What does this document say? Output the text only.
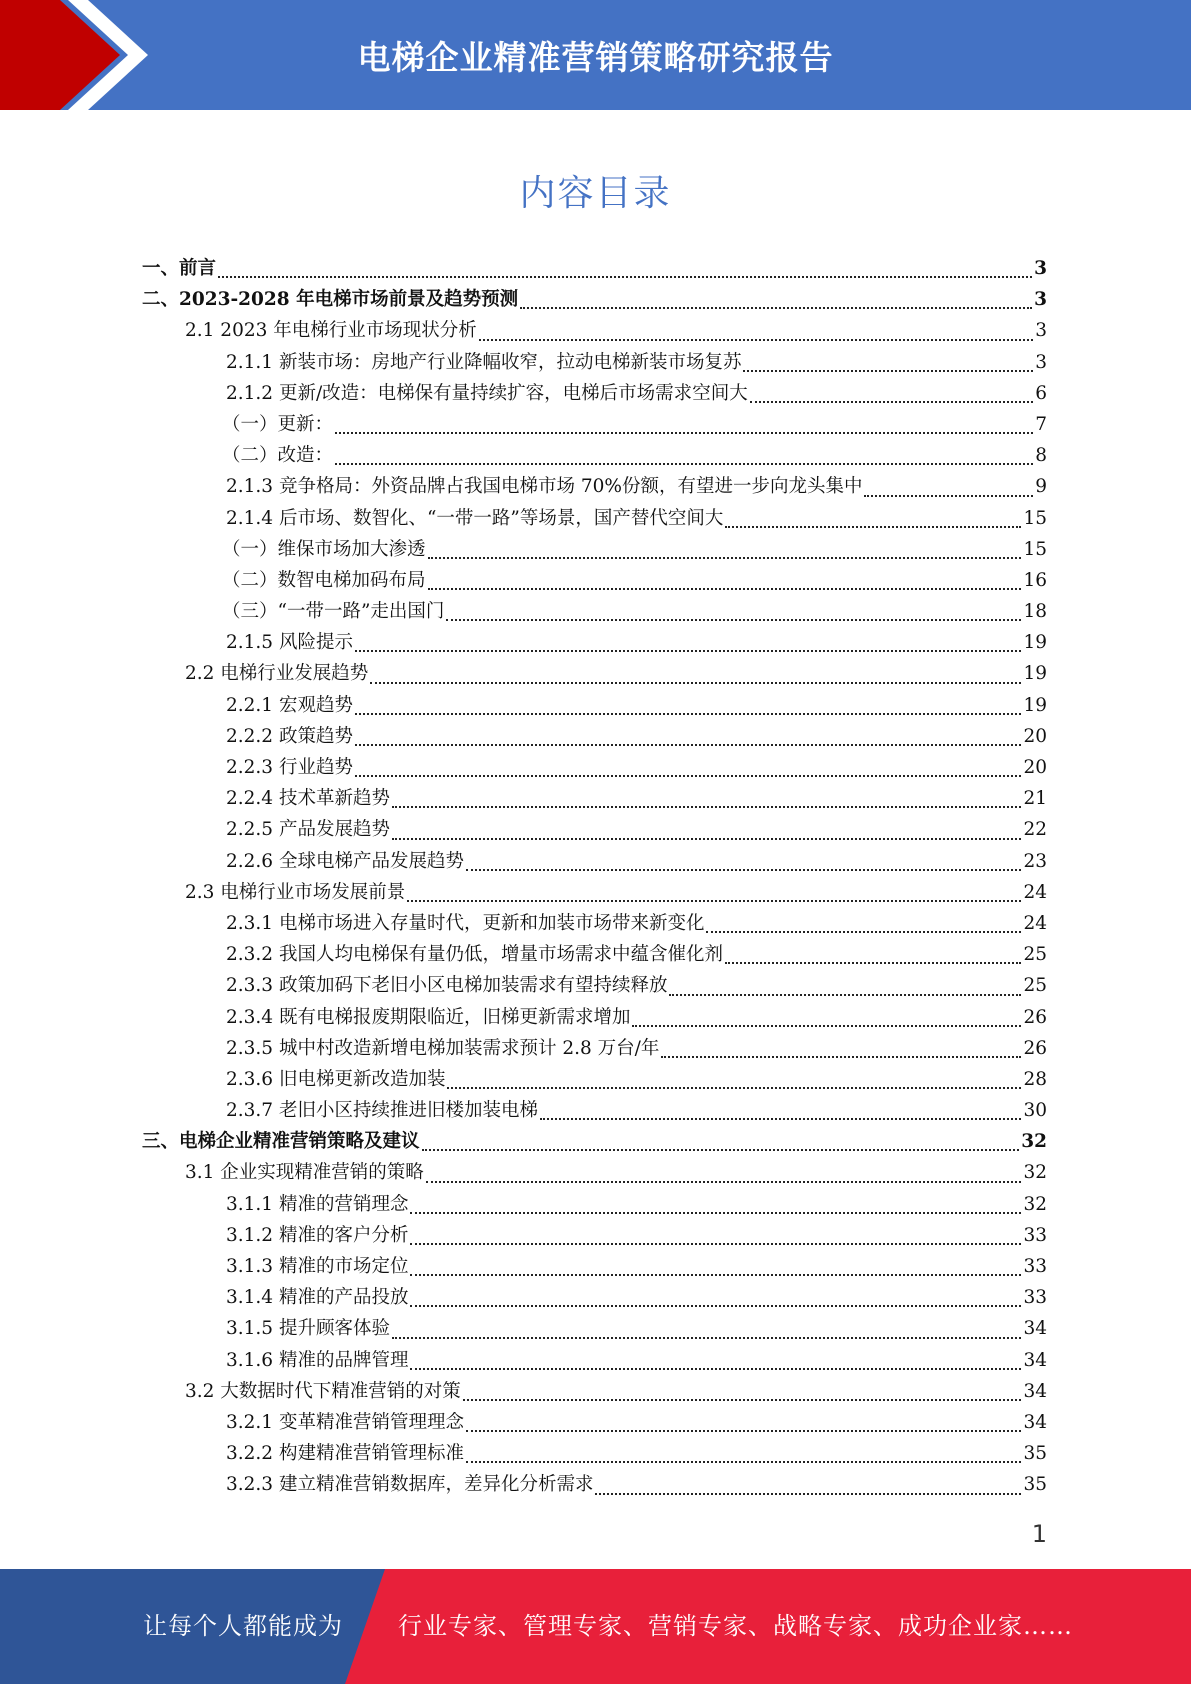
电梯企业精准营销策略研究报告
内容目录
一、前言	3
二、2023-2028 年电梯市场前景及趋势预测	3
2.1 2023 年电梯行业市场现状分析	3
2.1.1 新装市场：房地产行业降幅收窄，拉动电梯新装市场复苏	3
2.1.2 更新/改造：电梯保有量持续扩容，电梯后市场需求空间大	6
（一）更新：	7
（二）改造：	8
2.1.3 竞争格局：外资品牌占我国电梯市场 70%份额，有望进一步向龙头集中	9
2.1.4 后市场、数智化、“一带一路”等场景，国产替代空间大	15
（一）维保市场加大渗透	15
（二）数智电梯加码布局	16
（三）“一带一路”走出国门	18
2.1.5 风险提示	19
2.2 电梯行业发展趋势	19
2.2.1 宏观趋势	19
2.2.2 政策趋势	20
2.2.3 行业趋势	20
2.2.4 技术革新趋势	21
2.2.5 产品发展趋势	22
2.2.6 全球电梯产品发展趋势	23
2.3 电梯行业市场发展前景	24
2.3.1 电梯市场进入存量时代，更新和加装市场带来新变化	24
2.3.2 我国人均电梯保有量仍低，增量市场需求中蕴含催化剂	25
2.3.3 政策加码下老旧小区电梯加装需求有望持续释放	25
2.3.4 既有电梯报废期限临近，旧梯更新需求增加	26
2.3.5 城中村改造新增电梯加装需求预计 2.8 万台/年	26
2.3.6 旧电梯更新改造加装	28
2.3.7 老旧小区持续推进旧楼加装电梯	30
三、电梯企业精准营销策略及建议	32
3.1 企业实现精准营销的策略	32
3.1.1 精准的营销理念	32
3.1.2 精准的客户分析	33
3.1.3 精准的市场定位	33
3.1.4 精准的产品投放	33
3.1.5 提升顾客体验	34
3.1.6 精准的品牌管理	34
3.2 大数据时代下精准营销的对策	34
3.2.1 变革精准营销管理理念	34
3.2.2 构建精准营销管理标准	35
3.2.3 建立精准营销数据库，差异化分析需求	35
1
让每个人都能成为 行业专家、管理专家、营销专家、战略专家、成功企业家……
